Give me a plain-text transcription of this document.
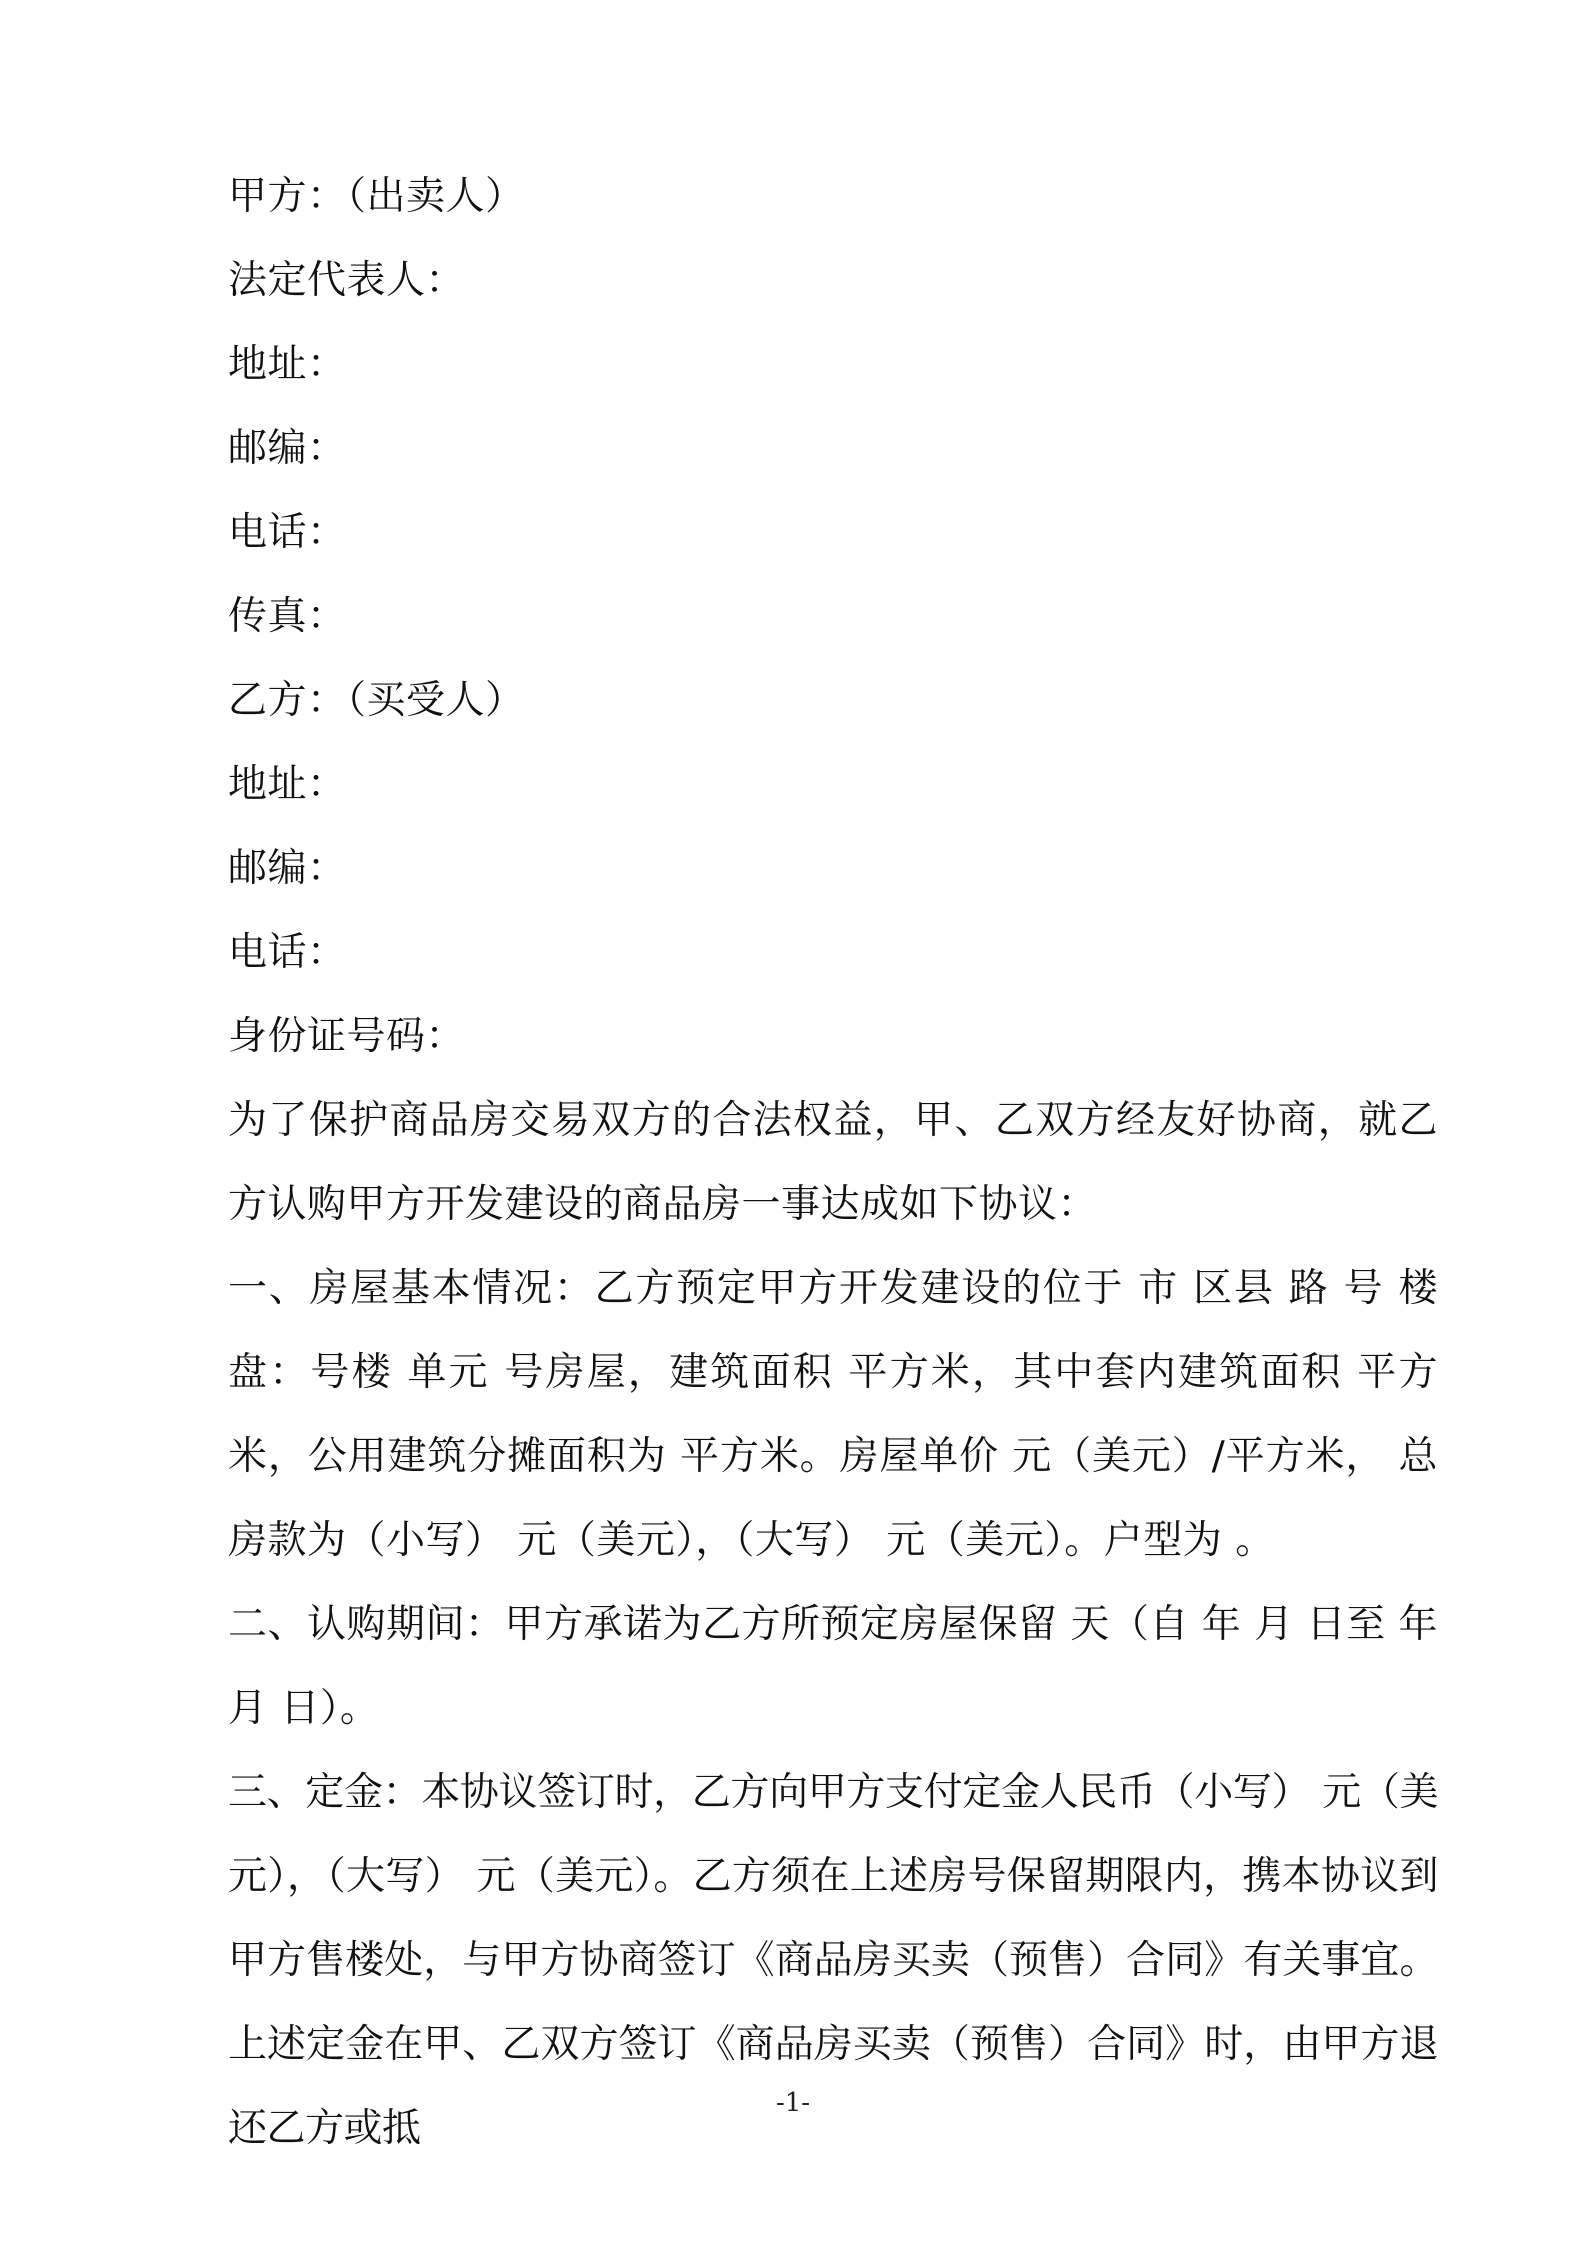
甲方：（出卖人）
法定代表人：
地址：
邮编：
电话：
传真：
乙方：（买受人）
地址：
邮编：
电话：
身份证号码：
为了保护商品房交易双方的合法权益，甲、乙双方经友好协商，就乙方认购甲方开发建设的商品房一事达成如下协议：
一、房屋基本情况：乙方预定甲方开发建设的位于 市 区县 路 号 楼盘：号楼 单元 号房屋，建筑面积 平方米，其中套内建筑面积 平方米，公用建筑分摊面积为 平方米。房屋单价 元（美元）/平方米， 总房款为（小写） 元（美元），（大写） 元（美元）。户型为 。
二、认购期间：甲方承诺为乙方所预定房屋保留 天（自 年 月 日至 年 月 日）。
三、定金：本协议签订时，乙方向甲方支付定金人民币（小写） 元（美元），（大写） 元（美元）。乙方须在上述房号保留期限内，携本协议到甲方售楼处，与甲方协商签订《商品房买卖（预售）合同》有关事宜。上述定金在甲、乙双方签订《商品房买卖（预售）合同》时，由甲方退还乙方或抵
-1-
